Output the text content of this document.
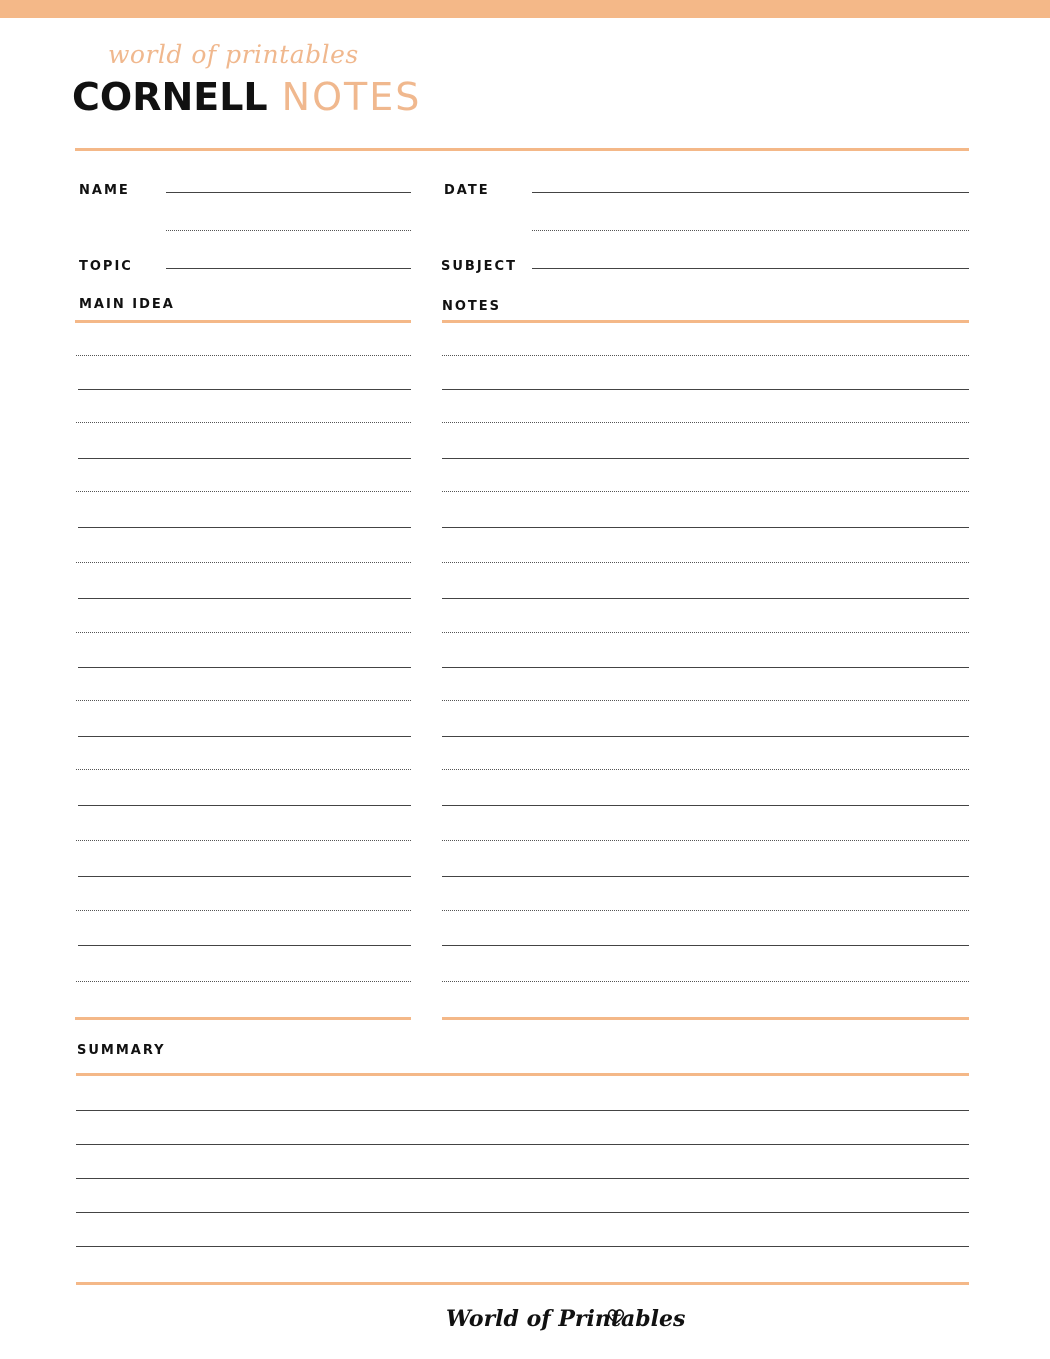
world of printables
CORNELL NOTES
NAME	DATE
TOPIC	SUBJECT
MAIN IDEA	NOTES
SUMMARY
World of Printables
